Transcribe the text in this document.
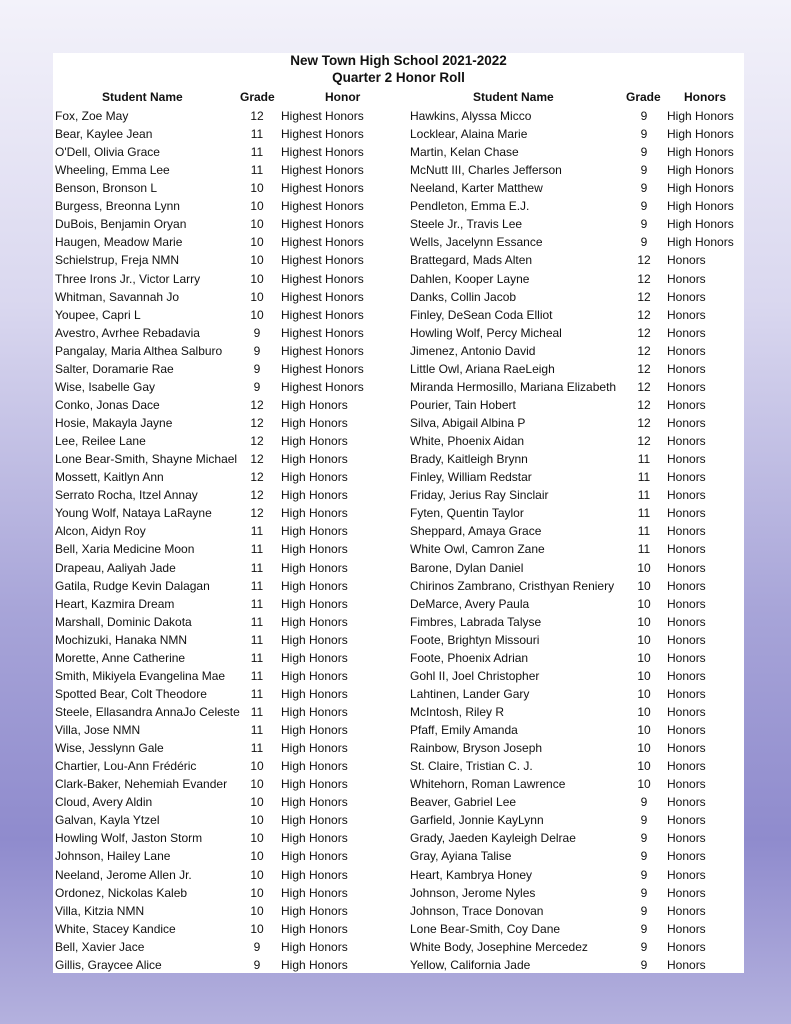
New Town High School 2021-2022
Quarter 2 Honor Roll
Student Name	Grade	Honor	Student Name	Grade Honors
Fox, Zoe May	12	Highest Honors	Hawkins, Alyssa Micco	9	High Honors
Bear, Kaylee Jean	11	Highest Honors	Locklear, Alaina Marie	9	High Honors
O'Dell, Olivia Grace	11	Highest Honors	Martin, Kelan Chase	9	High Honors
Wheeling, Emma Lee	11	Highest Honors	McNutt III, Charles Jefferson	9	High Honors
Benson, Bronson L	10	Highest Honors	Neeland, Karter Matthew	9	High Honors
Burgess, Breonna Lynn	10	Highest Honors	Pendleton, Emma E.J.	9	High Honors
DuBois, Benjamin Oryan	10	Highest Honors	Steele Jr., Travis Lee	9	High Honors
Haugen, Meadow Marie	10	Highest Honors	Wells, Jacelynn Essance	9	High Honors
Schielstrup, Freja NMN	10	Highest Honors	Brattegard, Mads Alten	12	Honors
Three Irons Jr., Victor Larry	10	Highest Honors	Dahlen, Kooper Layne	12	Honors
Whitman, Savannah Jo	10	Highest Honors	Danks, Collin Jacob	12	Honors
Youpee, Capri L	10	Highest Honors	Finley, DeSean Coda Elliot	12	Honors
Avestro, Avrhee Rebadavia	9	Highest Honors	Howling Wolf, Percy Micheal	12	Honors
Pangalay, Maria Althea Salburo	9	Highest Honors	Jimenez, Antonio David	12	Honors
Salter, Doramarie Rae	9	Highest Honors	Little Owl, Ariana RaeLeigh	12	Honors
Wise, Isabelle Gay	9	Highest Honors	Miranda Hermosillo, Mariana Elizabeth	12	Honors
Conko, Jonas Dace	12	High Honors	Pourier, Tain Hobert	12	Honors
Hosie, Makayla Jayne	12	High Honors	Silva, Abigail Albina P	12	Honors
Lee, Reilee Lane	12	High Honors	White, Phoenix Aidan	12	Honors
Lone Bear-Smith, Shayne Michael	12	High Honors	Brady, Kaitleigh Brynn	11	Honors
Mossett, Kaitlyn Ann	12	High Honors	Finley, William Redstar	11	Honors
Serrato Rocha, Itzel Annay	12	High Honors	Friday, Jerius Ray Sinclair	11	Honors
Young Wolf, Nataya LaRayne	12	High Honors	Fyten, Quentin Taylor	11	Honors
Alcon, Aidyn Roy	11	High Honors	Sheppard, Amaya Grace	11	Honors
Bell, Xaria Medicine Moon	11	High Honors	White Owl, Camron Zane	11	Honors
Drapeau, Aaliyah Jade	11	High Honors	Barone, Dylan Daniel	10	Honors
Gatila, Rudge Kevin Dalagan	11	High Honors	Chirinos Zambrano, Cristhyan Reniery	10	Honors
Heart, Kazmira Dream	11	High Honors	DeMarce, Avery Paula	10	Honors
Marshall, Dominic Dakota	11	High Honors	Fimbres, Labrada Talyse	10	Honors
Mochizuki, Hanaka NMN	11	High Honors	Foote, Brightyn Missouri	10	Honors
Morette, Anne Catherine	11	High Honors	Foote, Phoenix Adrian	10	Honors
Smith, Mikiyela Evangelina Mae	11	High Honors	Gohl II, Joel Christopher	10	Honors
Spotted Bear, Colt Theodore	11	High Honors	Lahtinen, Lander Gary	10	Honors
Steele, Ellasandra AnnaJo Celeste 11	High Honors	McIntosh, Riley R	10	Honors
Villa, Jose NMN	11	High Honors	Pfaff, Emily Amanda	10	Honors
Wise, Jesslynn Gale	11	High Honors	Rainbow, Bryson Joseph	10	Honors
Chartier, Lou-Ann Frédéric	10	High Honors	St. Claire, Tristian C. J.	10	Honors
Clark-Baker, Nehemiah Evander	10	High Honors	Whitehorn, Roman Lawrence	10	Honors
Cloud, Avery Aldin	10	High Honors	Beaver, Gabriel Lee	9	Honors
Galvan, Kayla Ytzel	10	High Honors	Garfield, Jonnie KayLynn	9	Honors
Howling Wolf, Jaston Storm	10	High Honors	Grady, Jaeden Kayleigh Delrae	9	Honors
Johnson, Hailey Lane	10	High Honors	Gray, Ayiana Talise	9	Honors
Neeland, Jerome Allen Jr.	10	High Honors	Heart, Kambrya Honey	9	Honors
Ordonez, Nickolas Kaleb	10	High Honors	Johnson, Jerome Nyles	9	Honors
Villa, Kitzia NMN	10	High Honors	Johnson, Trace Donovan	9	Honors
White, Stacey Kandice	10	High Honors	Lone Bear-Smith, Coy Dane	9	Honors
Bell, Xavier Jace	9	High Honors	White Body, Josephine Mercedez	9	Honors
Gillis, Graycee Alice	9	High Honors	Yellow, California Jade	9	Honors
